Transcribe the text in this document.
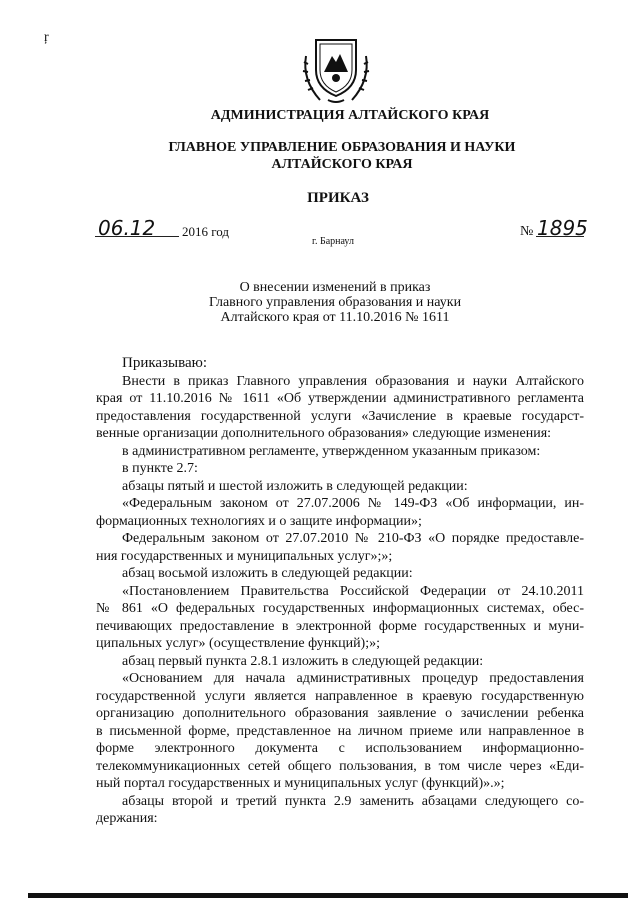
ŗ
АДМИНИСТРАЦИЯ АЛТАЙСКОГО КРАЯ
ГЛАВНОЕ УПРАВЛЕНИЕ ОБРАЗОВАНИЯ И НАУКИ
АЛТАЙСКОГО КРАЯ
ПРИКАЗ
06.12 2016 год	№ 1895
г. Барнаул
О внесении изменений в приказ
Главного управления образования и науки
Алтайского края от 11.10.2016 № 1611
Приказываю:
Внести в приказ Главного управления образования и науки Алтайского
края от 11.10.2016 № 1611 «Об утверждении административного регламента
предоставления государственной услуги «Зачисление в краевые государст-
венные организации дополнительного образования» следующие изменения:
в административном регламенте, утвержденном указанным приказом:
в пункте 2.7:
абзацы пятый и шестой изложить в следующей редакции:
«Федеральным законом от 27.07.2006 № 149-ФЗ «Об информации, ин-
формационных технологиях и о защите информации»;
Федеральным законом от 27.07.2010 № 210-ФЗ «О порядке предоставле-
ния государственных и муниципальных услуг»;»;
абзац восьмой изложить в следующей редакции:
«Постановлением Правительства Российской Федерации от 24.10.2011
№ 861 «О федеральных государственных информационных системах, обес-
печивающих предоставление в электронной форме государственных и муни-
ципальных услуг» (осуществление функций);»;
абзац первый пункта 2.8.1 изложить в следующей редакции:
«Основанием для начала административных процедур предоставления
государственной услуги является направленное в краевую государственную
организацию дополнительного образования заявление о зачислении ребенка
в письменной форме, представленное на личном приеме или направленное в
форме электронного документа с использованием информационно-
телекоммуникационных сетей общего пользования, в том числе через «Еди-
ный портал государственных и муниципальных услуг (функций)».»;
абзацы второй и третий пункта 2.9 заменить абзацами следующего со-
держания:
